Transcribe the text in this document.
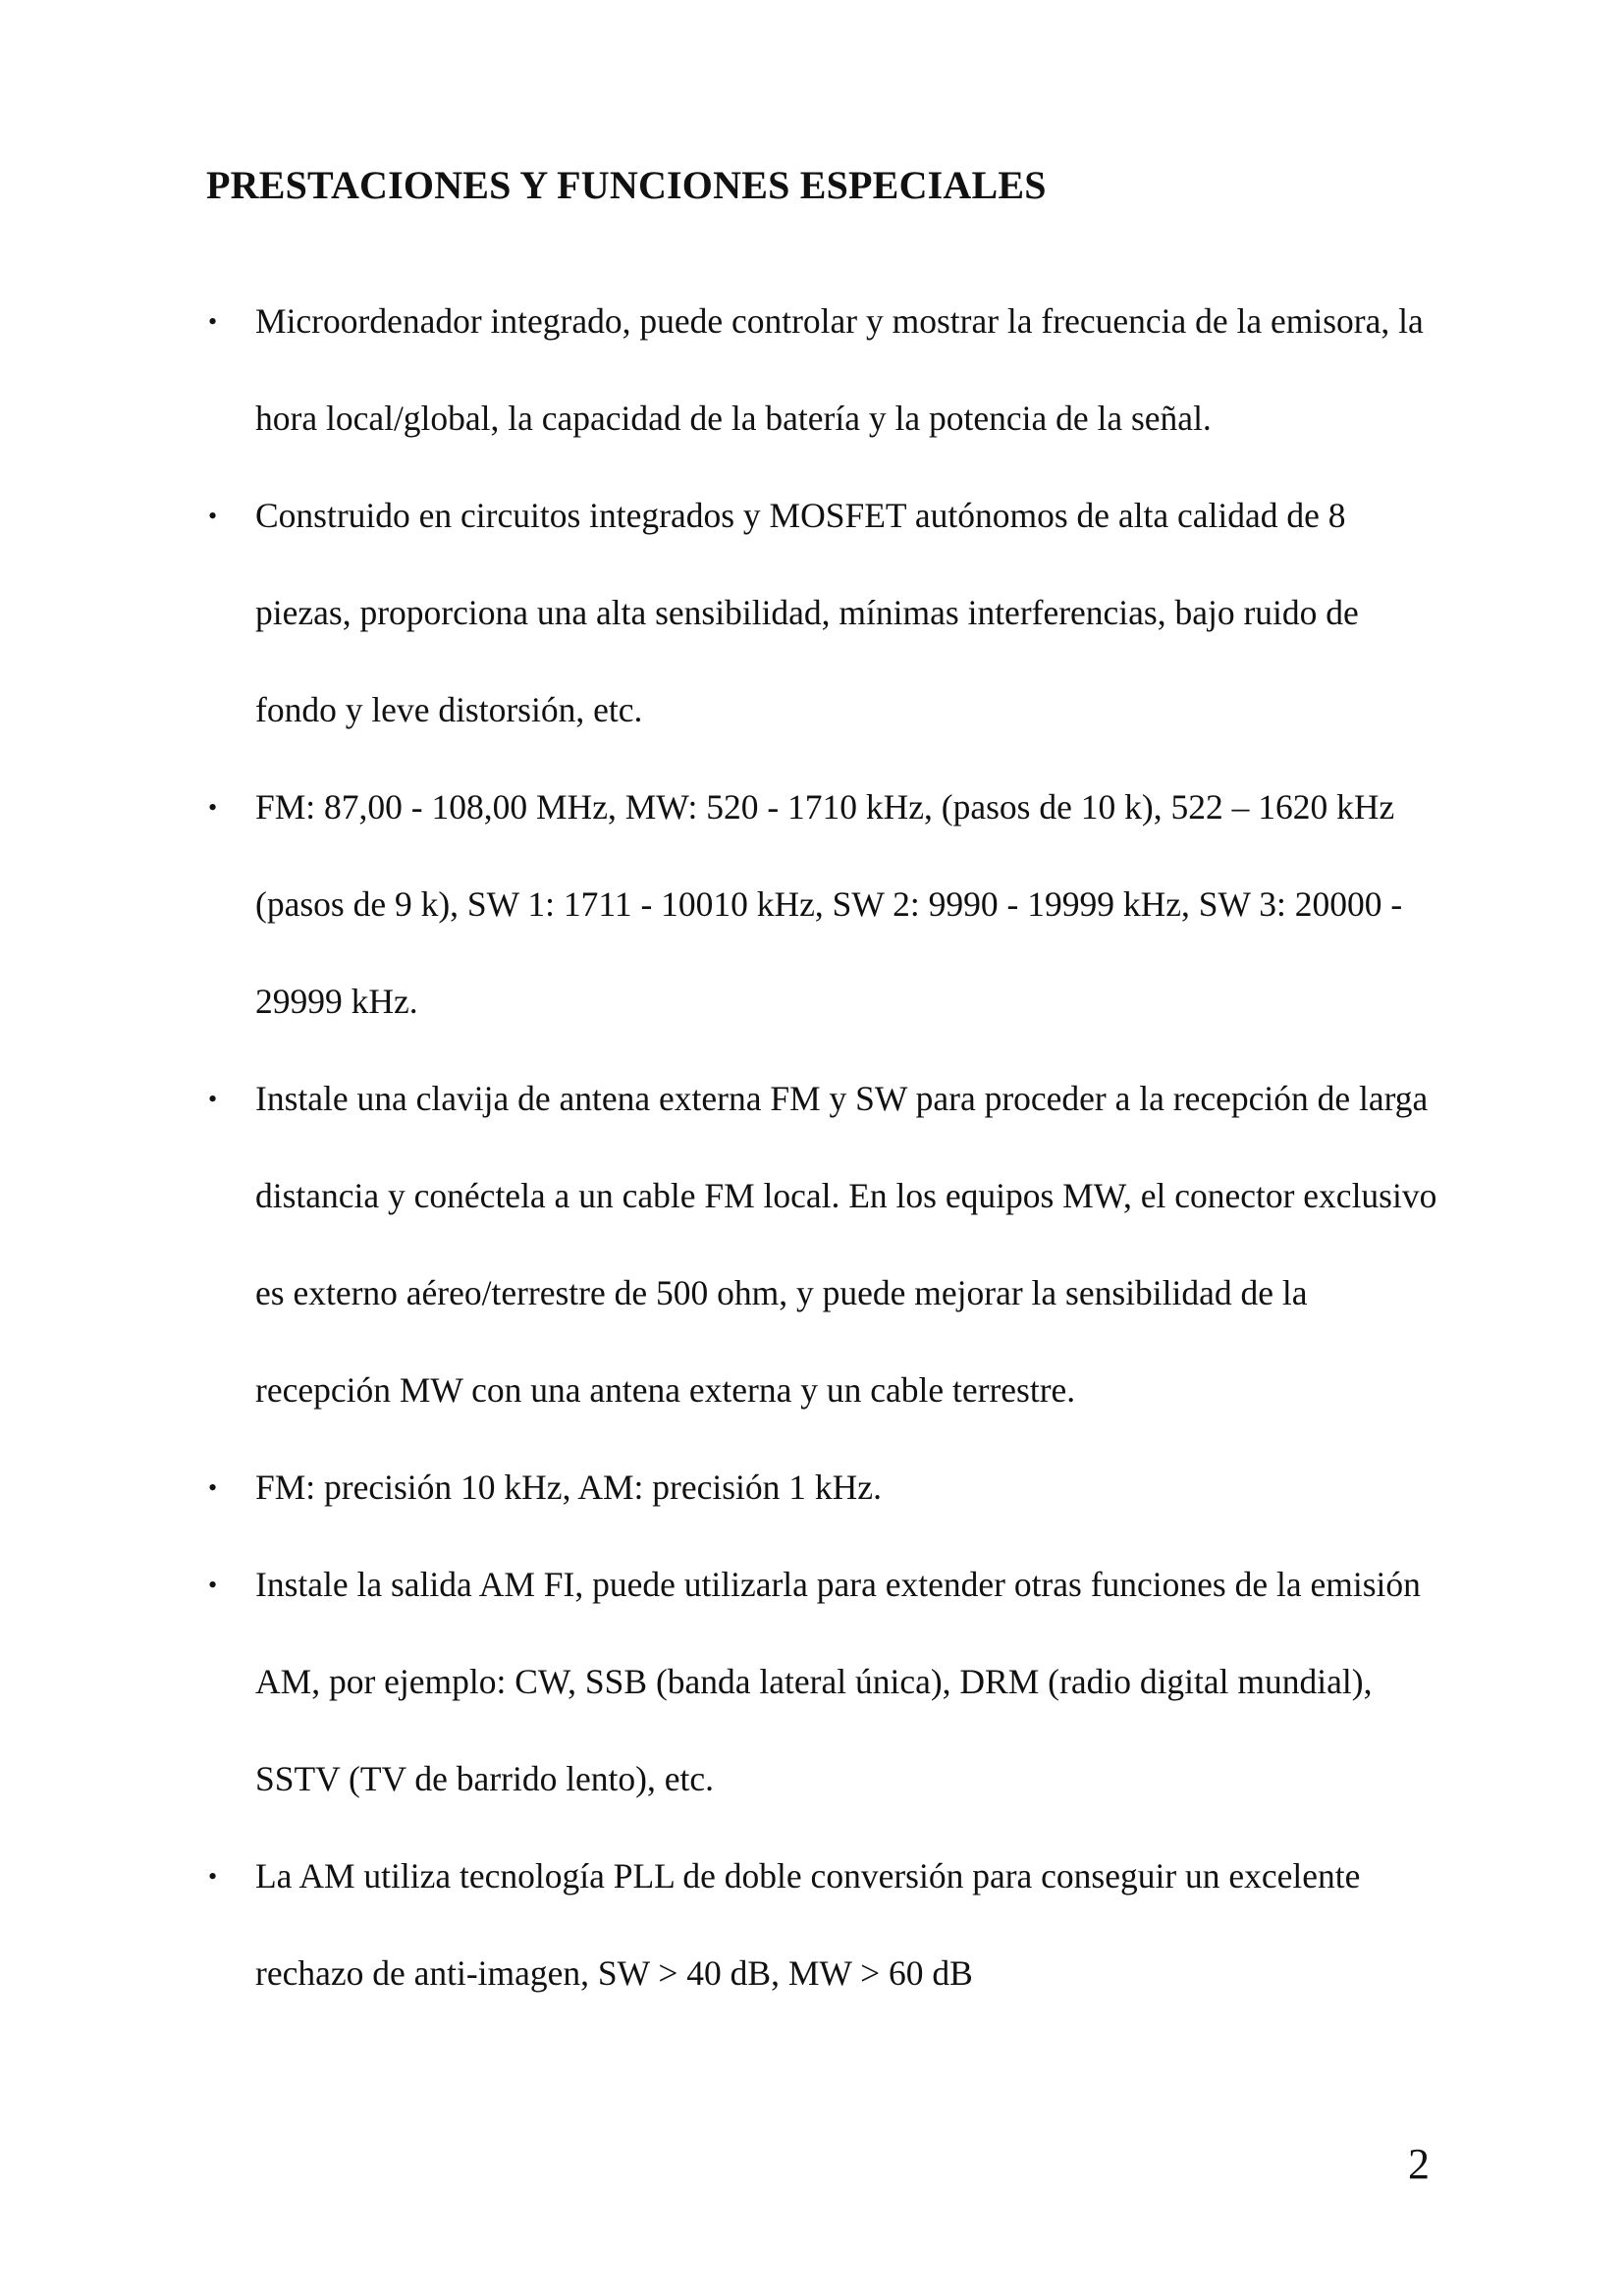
PRESTACIONES Y FUNCIONES ESPECIALES
• Microordenador integrado, puede controlar y mostrar la frecuencia de la emisora, la hora local/global, la capacidad de la batería y la potencia de la señal.
• Construido en circuitos integrados y MOSFET autónomos de alta calidad de 8 piezas, proporciona una alta sensibilidad, mínimas interferencias, bajo ruido de fondo y leve distorsión, etc.
• FM: 87,00 - 108,00 MHz, MW: 520 - 1710 kHz, (pasos de 10 k), 522 – 1620 kHz (pasos de 9 k), SW 1: 1711 - 10010 kHz, SW 2: 9990 - 19999 kHz, SW 3: 20000 - 29999 kHz.
• Instale una clavija de antena externa FM y SW para proceder a la recepción de larga distancia y conéctela a un cable FM local. En los equipos MW, el conector exclusivo es externo aéreo/terrestre de 500 ohm, y puede mejorar la sensibilidad de la recepción MW con una antena externa y un cable terrestre.
• FM: precisión 10 kHz, AM: precisión 1 kHz.
• Instale la salida AM FI, puede utilizarla para extender otras funciones de la emisión AM, por ejemplo: CW, SSB (banda lateral única), DRM (radio digital mundial), SSTV (TV de barrido lento), etc.
• La AM utiliza tecnología PLL de doble conversión para conseguir un excelente rechazo de anti-imagen, SW > 40 dB, MW > 60 dB
2
